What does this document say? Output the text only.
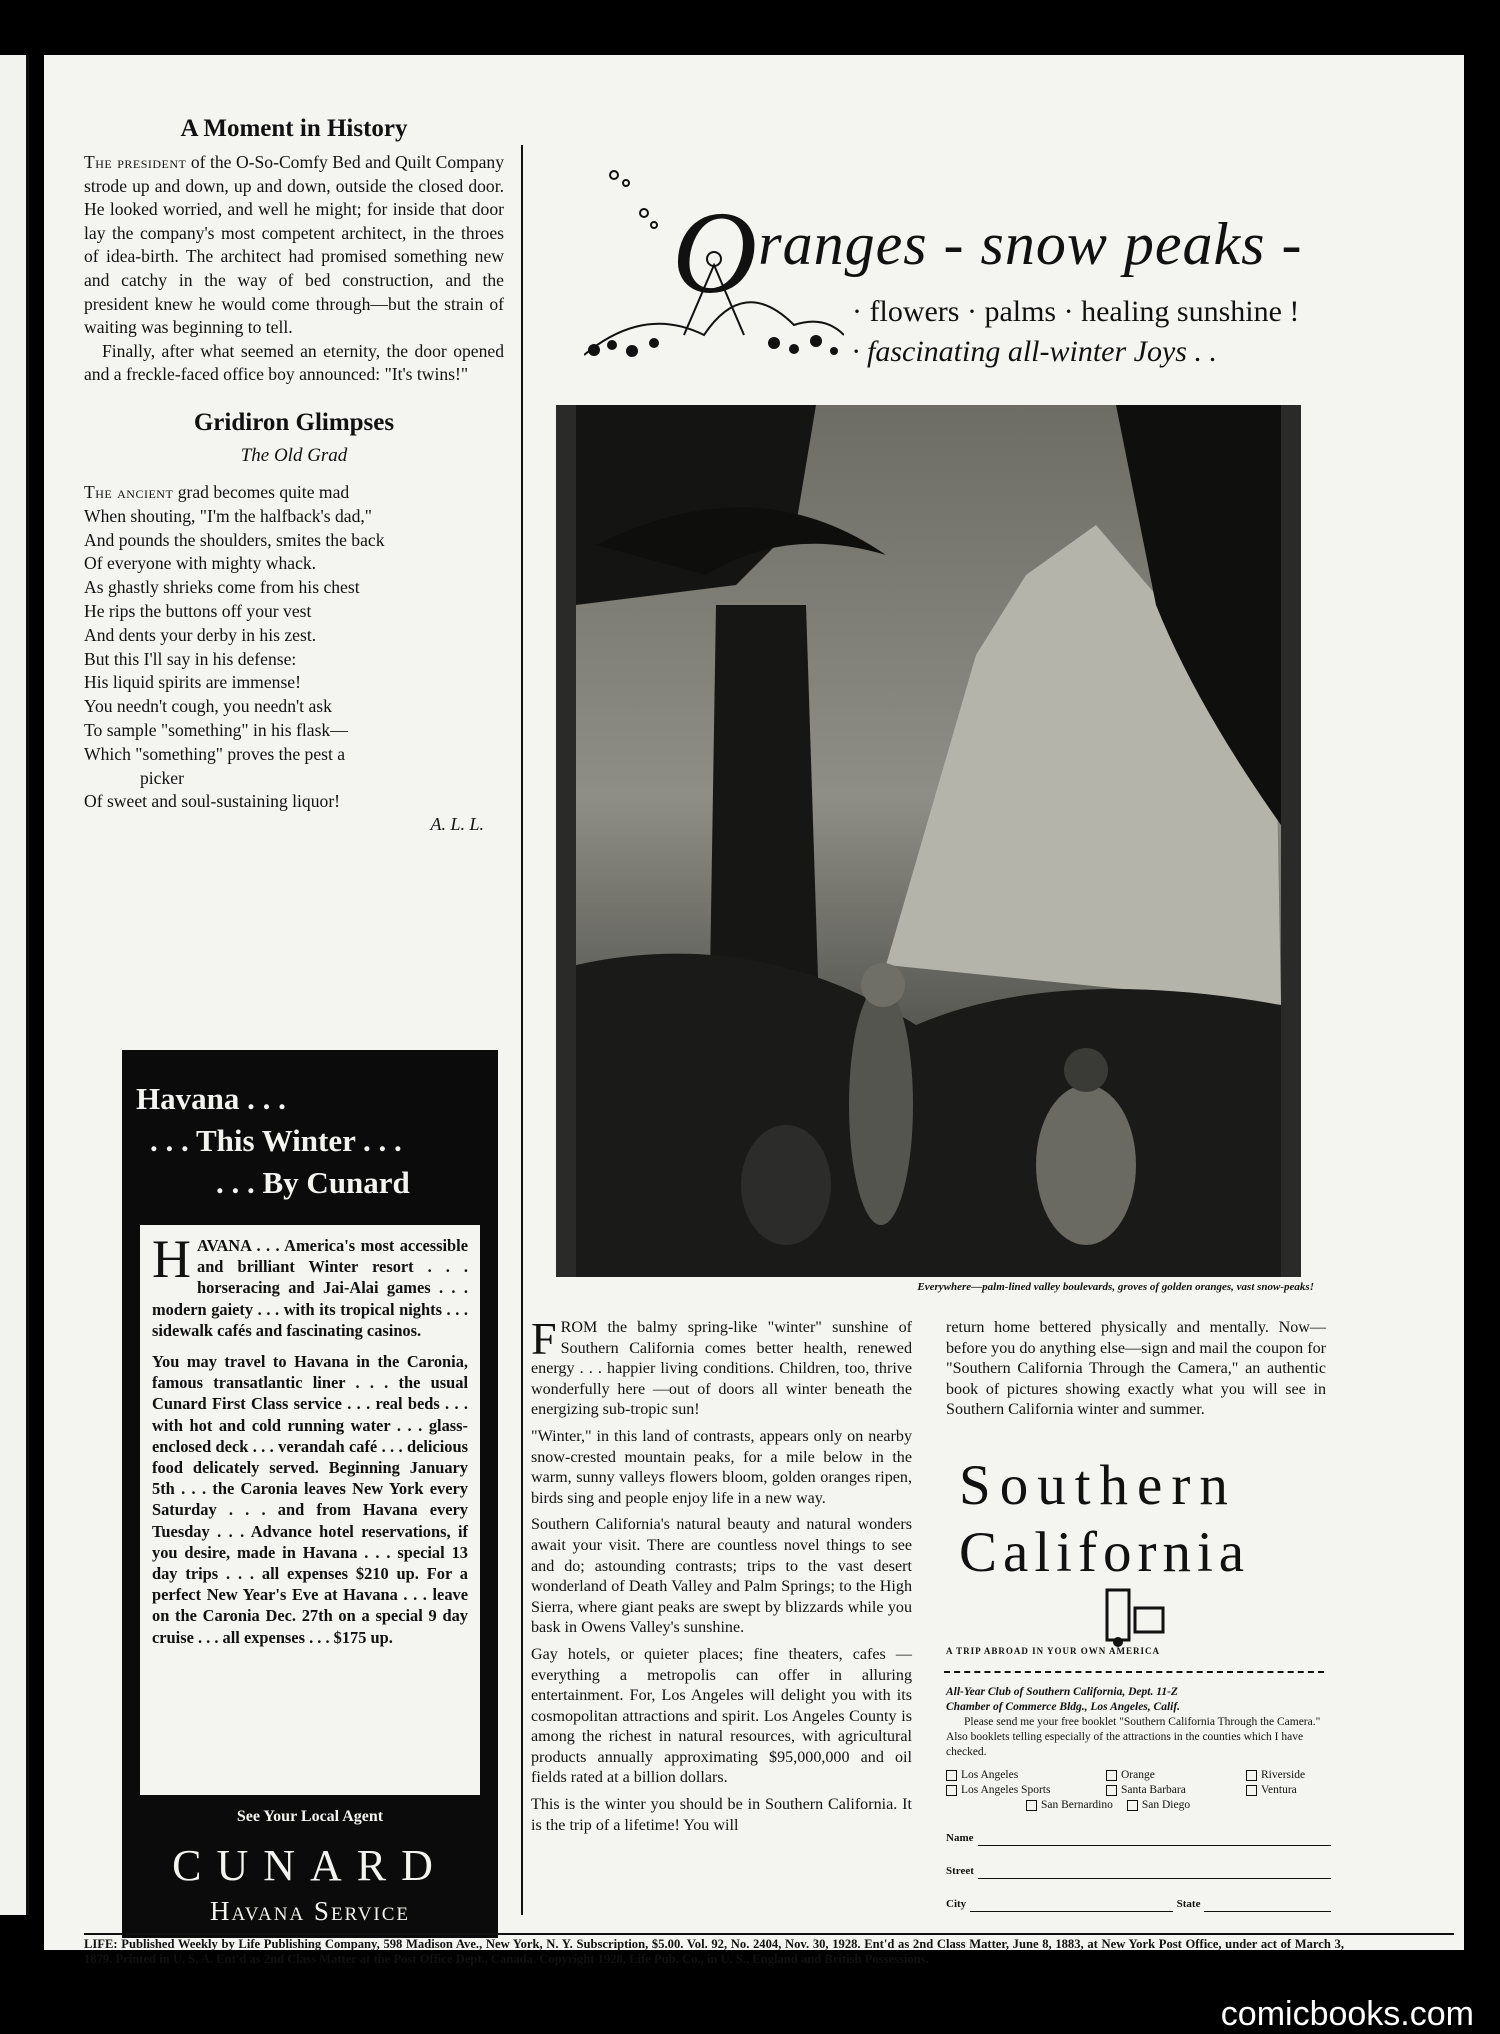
A Moment in History

The president of the O-So-Comfy Bed and Quilt Company strode up and down, up and down, outside the closed door. He looked worried, and well he might; for inside that door lay the company's most competent architect, in the throes of idea-birth. The architect had promised something new and catchy in the way of bed construction, and the president knew he would come through—but the strain of waiting was beginning to tell.

Finally, after what seemed an eternity, the door opened and a freckle-faced office boy announced: "It's twins!"

Gridiron Glimpses
The Old Grad
The ancient grad becomes quite mad
When shouting, "I'm the halfback's dad,"
And pounds the shoulders, smites the back
Of everyone with mighty whack.
As ghastly shrieks come from his chest
He rips the buttons off your vest
And dents your derby in his zest.
But this I'll say in his defense:
His liquid spirits are immense!
You needn't cough, you needn't ask
To sample "something" in his flask—
Which "something" proves the pest a
picker
Of sweet and soul-sustaining liquor!
A. L. L.
Havana . . .
. . . This Winter . . .
. . . By Cunard

HAVANA . . . America's most accessible and brilliant Winter resort . . . horseracing and Jai-Alai games . . . modern gaiety . . . with its tropical nights . . . sidewalk cafés and fascinating casinos.

You may travel to Havana in the Caronia, famous transatlantic liner . . . the usual Cunard First Class service . . . real beds . . . with hot and cold running water . . . glass-enclosed deck . . . verandah café . . . delicious food delicately served. Beginning January 5th . . . the Caronia leaves New York every Saturday . . . and from Havana every Tuesday . . . Advance hotel reservations, if you desire, made in Havana . . . special 13 day trips . . . all expenses $210 up. For a perfect New Year's Eve at Havana . . . leave on the Caronia Dec. 27th on a special 9 day cruise . . . all expenses . . . $175 up.

See Your Local Agent
CUNARD
Havana Service
Oranges - snow peaks -
· flowers · palms · healing sunshine !
· fascinating all-winter Joys . .
Everywhere—palm-lined valley boulevards, groves of golden oranges, vast snow-peaks!

FROM the balmy spring-like "winter" sunshine of Southern California comes better health, renewed energy . . . happier living conditions. Children, too, thrive wonderfully here —out of doors all winter beneath the energizing sub-tropic sun!

"Winter," in this land of contrasts, appears only on nearby snow-crested mountain peaks, for a mile below in the warm, sunny valleys flowers bloom, golden oranges ripen, birds sing and people enjoy life in a new way.

Southern California's natural beauty and natural wonders await your visit. There are countless novel things to see and do; astounding contrasts; trips to the vast desert wonderland of Death Valley and Palm Springs; to the High Sierra, where giant peaks are swept by blizzards while you bask in Owens Valley's sunshine.

Gay hotels, or quieter places; fine theaters, cafes —everything a metropolis can offer in alluring entertainment. For, Los Angeles will delight you with its cosmopolitan attractions and spirit. Los Angeles County is among the richest in natural resources, with agricultural products annually approximating $95,000,000 and oil fields rated at a billion dollars.

This is the winter you should be in Southern California. It is the trip of a lifetime! You will

return home bettered physically and mentally. Now—before you do anything else—sign and mail the coupon for "Southern California Through the Camera," an authentic book of pictures showing exactly what you will see in Southern California winter and summer.

Southern
California
A TRIP ABROAD IN YOUR OWN AMERICA
All-Year Club of Southern California, Dept. 11-Z
Chamber of Commerce Bldg., Los Angeles, Calif.
Please send me your free booklet "Southern California Through the Camera." Also booklets telling especially of the attractions in the counties which I have checked.
Los Angeles	Orange	Riverside
Los Angeles Sports	Santa Barbara	Ventura
San Bernardino	San Diego
Name
Street
City	State
LIFE: Published Weekly by Life Publishing Company, 598 Madison Ave., New York, N. Y. Subscription, $5.00. Vol. 92, No. 2404, Nov. 30, 1928. Ent'd as 2nd Class Matter, June 8, 1883, at New York Post Office, under act of March 3, 1879. Printed in U. S. A. Ent'd as 2nd Class Matter at the Post Office Dept., Canada. Copyright 1928, Life Pub. Co., in U. S., England and British Possessions.
comicbooks.com
